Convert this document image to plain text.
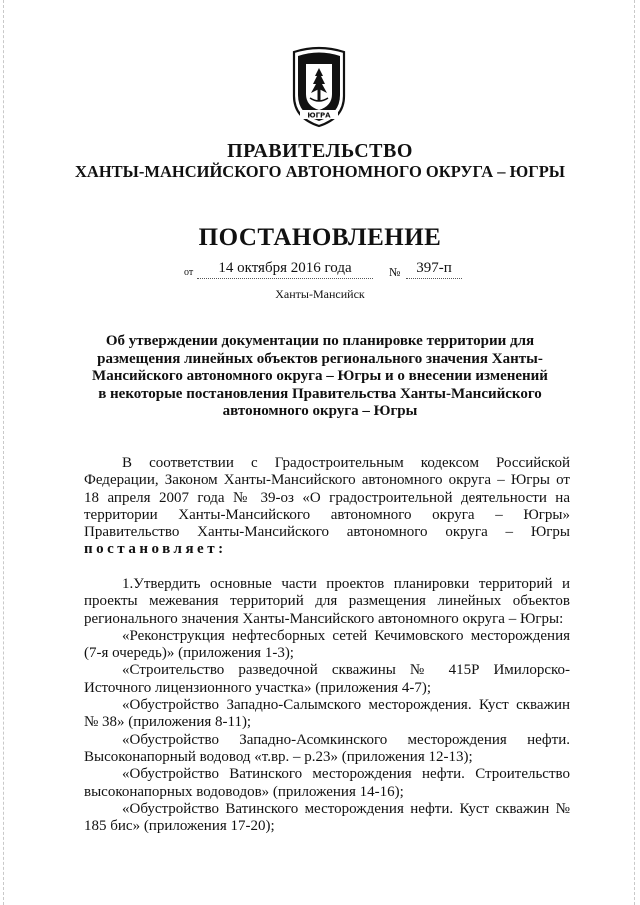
ЮГРА
ПРАВИТЕЛЬСТВО
ХАНТЫ-МАНСИЙСКОГО АВТОНОМНОГО ОКРУГА – ЮГРЫ
ПОСТАНОВЛЕНИЕ
от	14 октября 2016 года	№	397-п
Ханты-Мансийск
Об утверждении документации по планировке территории для размещения линейных объектов регионального значения Ханты-Мансийского автономного округа – Югры и о внесении изменений в некоторые постановления Правительства Ханты-Мансийского автономного округа – Югры
В соответствии с Градостроительным кодексом Российской Федерации, Законом Ханты-Мансийского автономного округа – Югры от 18 апреля 2007 года № 39-оз «О градостроительной деятельности на территории Ханты-Мансийского автономного округа – Югры» Правительство Ханты-Мансийского автономного округа – Югры постановляет:

1.Утвердить основные части проектов планировки территорий и проекты межевания территорий для размещения линейных объектов регионального значения Ханты-Мансийского автономного округа – Югры:

«Реконструкция нефтесборных сетей Кечимовского месторождения (7-я очередь)» (приложения 1-3);

«Строительство разведочной скважины № 415Р Имилорско-Источного лицензионного участка» (приложения 4-7);

«Обустройство Западно-Салымского месторождения. Куст скважин № 38» (приложения 8-11);

«Обустройство Западно-Асомкинского месторождения нефти. Высоконапорный водовод «т.вр. – р.23» (приложения 12-13);

«Обустройство Ватинского месторождения нефти. Строительство высоконапорных водоводов» (приложения 14-16);

«Обустройство Ватинского месторождения нефти. Куст скважин № 185 бис» (приложения 17-20);
